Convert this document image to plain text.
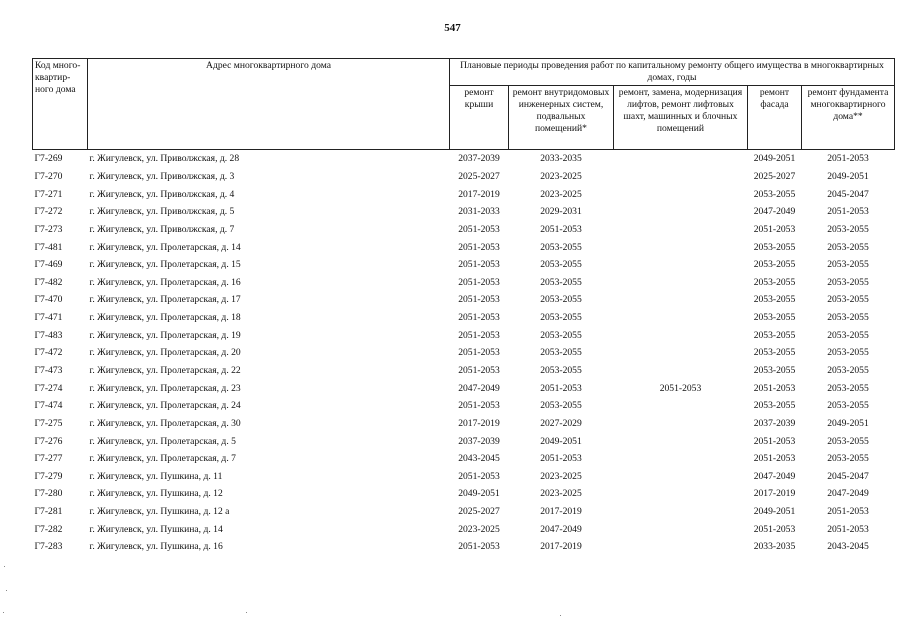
547
Код много-квартир-ного дома	Адрес многоквартирного дома	Плановые периоды проведения работ по капитальному ремонту общего имущества в многоквартирных домах, годы				
		ремонт крыши	ремонт внутридомовых инженерных систем, подвальных помещений*	ремонт, замена, модернизация лифтов, ремонт лифтовых шахт, машинных и блочных помещений	ремонт фасада	ремонт фундамента многоквартирного дома**
Г7-269	г. Жигулевск, ул. Приволжская, д. 28	2037-2039	2033-2035		2049-2051	2051-2053
Г7-270	г. Жигулевск, ул. Приволжская, д. 3	2025-2027	2023-2025		2025-2027	2049-2051
Г7-271	г. Жигулевск, ул. Приволжская, д. 4	2017-2019	2023-2025		2053-2055	2045-2047
Г7-272	г. Жигулевск, ул. Приволжская, д. 5	2031-2033	2029-2031		2047-2049	2051-2053
Г7-273	г. Жигулевск, ул. Приволжская, д. 7	2051-2053	2051-2053		2051-2053	2053-2055
Г7-481	г. Жигулевск, ул. Пролетарская, д. 14	2051-2053	2053-2055		2053-2055	2053-2055
Г7-469	г. Жигулевск, ул. Пролетарская, д. 15	2051-2053	2053-2055		2053-2055	2053-2055
Г7-482	г. Жигулевск, ул. Пролетарская, д. 16	2051-2053	2053-2055		2053-2055	2053-2055
Г7-470	г. Жигулевск, ул. Пролетарская, д. 17	2051-2053	2053-2055		2053-2055	2053-2055
Г7-471	г. Жигулевск, ул. Пролетарская, д. 18	2051-2053	2053-2055		2053-2055	2053-2055
Г7-483	г. Жигулевск, ул. Пролетарская, д. 19	2051-2053	2053-2055		2053-2055	2053-2055
Г7-472	г. Жигулевск, ул. Пролетарская, д. 20	2051-2053	2053-2055		2053-2055	2053-2055
Г7-473	г. Жигулевск, ул. Пролетарская, д. 22	2051-2053	2053-2055		2053-2055	2053-2055
Г7-274	г. Жигулевск, ул. Пролетарская, д. 23	2047-2049	2051-2053	2051-2053	2051-2053	2053-2055
Г7-474	г. Жигулевск, ул. Пролетарская, д. 24	2051-2053	2053-2055		2053-2055	2053-2055
Г7-275	г. Жигулевск, ул. Пролетарская, д. 30	2017-2019	2027-2029		2037-2039	2049-2051
Г7-276	г. Жигулевск, ул. Пролетарская, д. 5	2037-2039	2049-2051		2051-2053	2053-2055
Г7-277	г. Жигулевск, ул. Пролетарская, д. 7	2043-2045	2051-2053		2051-2053	2053-2055
Г7-279	г. Жигулевск, ул. Пушкина, д. 11	2051-2053	2023-2025		2047-2049	2045-2047
Г7-280	г. Жигулевск, ул. Пушкина, д. 12	2049-2051	2023-2025		2017-2019	2047-2049
Г7-281	г. Жигулевск, ул. Пушкина, д. 12 а	2025-2027	2017-2019		2049-2051	2051-2053
Г7-282	г. Жигулевск, ул. Пушкина, д. 14	2023-2025	2047-2049		2051-2053	2051-2053
Г7-283	г. Жигулевск, ул. Пушкина, д. 16	2051-2053	2017-2019		2033-2035	2043-2045
